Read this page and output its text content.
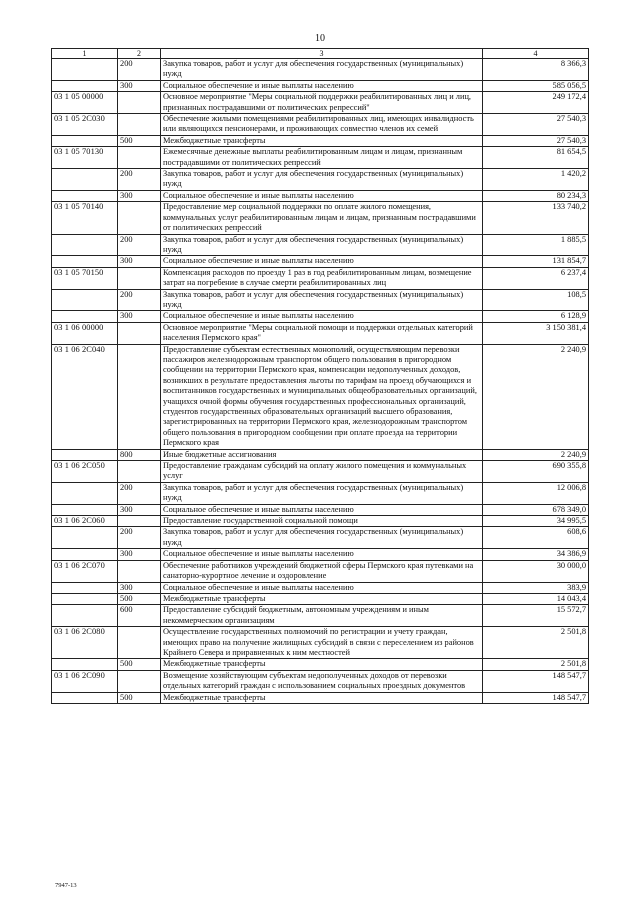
10
1	2	3	4
	200	Закупка товаров, работ и услуг для обеспечения государственных (муниципальных) нужд	8 366,3
	300	Социальное обеспечение и иные выплаты населению	585 056,5
03 1 05 00000		Основное мероприятие "Меры социальной поддержки реабилитированных лиц и лиц, признанных пострадавшими от политических репрессий"	249 172,4
03 1 05 2С030		Обеспечение жилыми помещениями реабилитированных лиц, имеющих инвалидность или являющихся пенсионерами, и проживающих совместно членов их семей	27 540,3
	500	Межбюджетные трансферты	27 540,3
03 1 05 70130		Ежемесячные денежные выплаты реабилитированным лицам и лицам, признанным пострадавшими от политических репрессий	81 654,5
	200	Закупка товаров, работ и услуг для обеспечения государственных (муниципальных) нужд	1 420,2
	300	Социальное обеспечение и иные выплаты населению	80 234,3
03 1 05 70140		Предоставление мер социальной поддержки по оплате жилого помещения, коммунальных услуг реабилитированным лицам и лицам, признанным пострадавшими от политических репрессий	133 740,2
	200	Закупка товаров, работ и услуг для обеспечения государственных (муниципальных) нужд	1 885,5
	300	Социальное обеспечение и иные выплаты населению	131 854,7
03 1 05 70150		Компенсация расходов по проезду 1 раз в год реабилитированным лицам, возмещение затрат на погребение в случае смерти реабилитированных лиц	6 237,4
	200	Закупка товаров, работ и услуг для обеспечения государственных (муниципальных) нужд	108,5
	300	Социальное обеспечение и иные выплаты населению	6 128,9
03 1 06 00000		Основное мероприятие "Меры социальной помощи и поддержки отдельных категорий населения Пермского края"	3 150 381,4
03 1 06 2С040		Предоставление субъектам естественных монополий, осуществляющим перевозки пассажиров железнодорожным транспортом общего пользования в пригородном сообщении на территории Пермского края, компенсации недополученных доходов, возникших в результате предоставления льготы по тарифам на проезд обучающихся и воспитанников государственных и муниципальных общеобразовательных организаций, учащихся очной формы обучения государственных профессиональных организаций, студентов государственных образовательных организаций высшего образования, зарегистрированных на территории Пермского края, железнодорожным транспортом общего пользования в пригородном сообщении при оплате проезда на территории Пермского края	2 240,9
	800	Иные бюджетные ассигнования	2 240,9
03 1 06 2С050		Предоставление гражданам субсидий на оплату жилого помещения и коммунальных услуг	690 355,8
	200	Закупка товаров, работ и услуг для обеспечения государственных (муниципальных) нужд	12 006,8
	300	Социальное обеспечение и иные выплаты населению	678 349,0
03 1 06 2С060		Предоставление государственной социальной помощи	34 995,5
	200	Закупка товаров, работ и услуг для обеспечения государственных (муниципальных) нужд	608,6
	300	Социальное обеспечение и иные выплаты населению	34 386,9
03 1 06 2С070		Обеспечение работников учреждений бюджетной сферы Пермского края путевками на санаторно-курортное лечение и оздоровление	30 000,0
	300	Социальное обеспечение и иные выплаты населению	383,9
	500	Межбюджетные трансферты	14 043,4
	600	Предоставление субсидий бюджетным, автономным учреждениям и иным некоммерческим организациям	15 572,7
03 1 06 2С080		Осуществление государственных полномочий по регистрации и учету граждан, имеющих право на получение жилищных субсидий в связи с переселением из районов Крайнего Севера и приравненных к ним местностей	2 501,8
	500	Межбюджетные трансферты	2 501,8
03 1 06 2С090		Возмещение хозяйствующим субъектам недополученных доходов от перевозки отдельных категорий граждан с использованием социальных проездных документов	148 547,7
	500	Межбюджетные трансферты	148 547,7
7947-13
